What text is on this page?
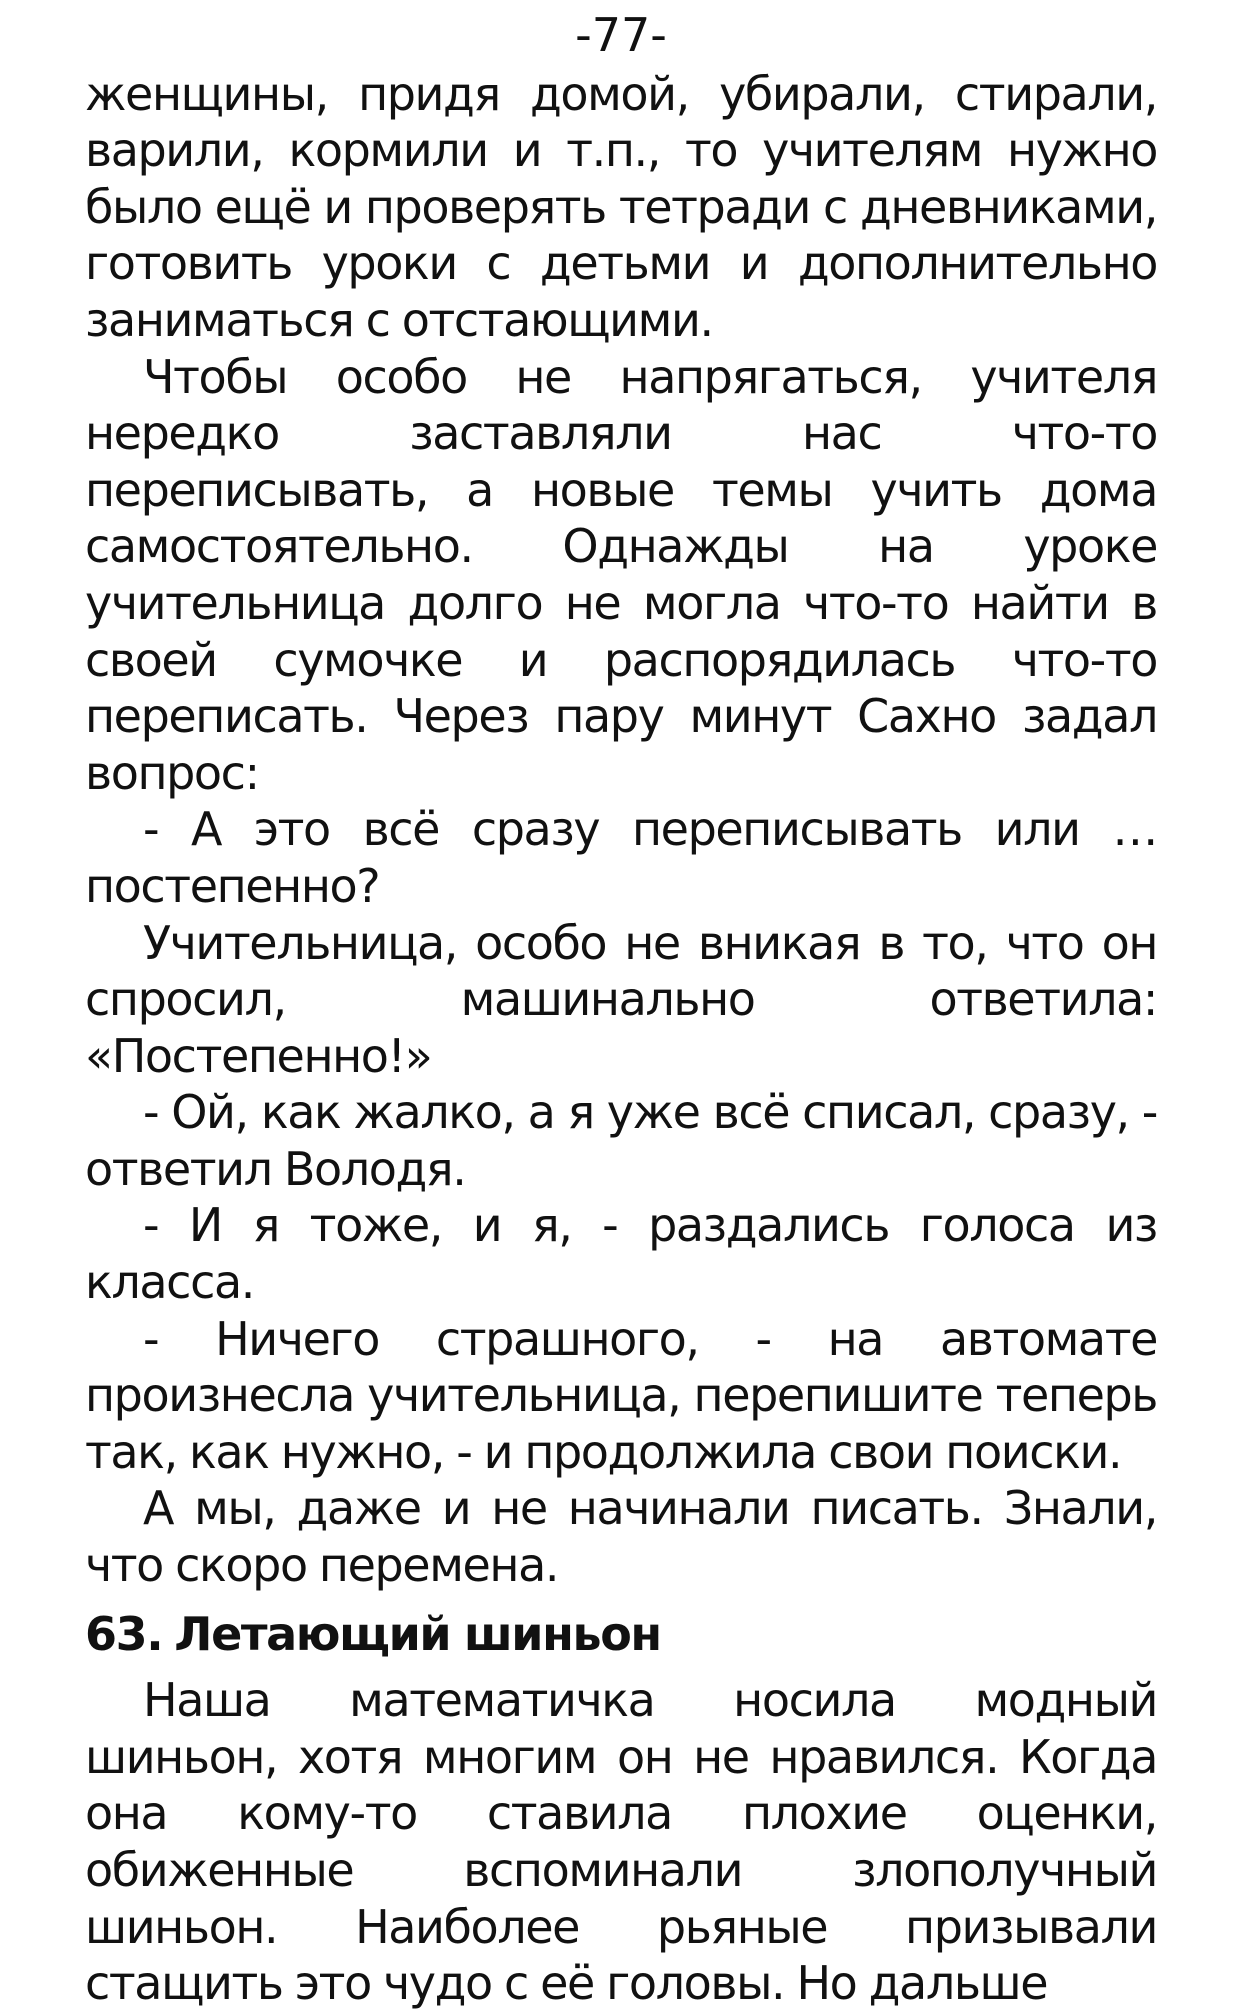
-77-

женщины, придя домой, убирали, стирали, варили, кормили и т.п., то учителям нужно было ещё и проверять тетради с дневниками, готовить уроки с детьми и дополнительно заниматься с отстающими.

Чтобы особо не напрягаться, учителя нередко заставляли нас что-то переписывать, а новые темы учить дома самостоятельно. Однажды на уроке учительница долго не могла что-то найти в своей сумочке и распорядилась что-то переписать. Через пару минут Сахно задал вопрос:

- А это всё сразу переписывать или … постепенно?

Учительница, особо не вникая в то, что он спросил, машинально ответила: «Постепенно!»

- Ой, как жалко, а я уже всё списал, сразу, - ответил Володя.

- И я тоже, и я, - раздались голоса из класса.

- Ничего страшного, - на автомате произнесла учительница, перепишите теперь так, как нужно, - и продолжила свои поиски.

А мы, даже и не начинали писать. Знали, что скоро перемена.

63. Летающий шиньон

Наша математичка носила модный шиньон, хотя многим он не нравился. Когда она кому-то ставила плохие оценки, обиженные вспоминали злополучный шиньон. Наиболее рьяные призывали стащить это чудо с её головы. Но дальше
